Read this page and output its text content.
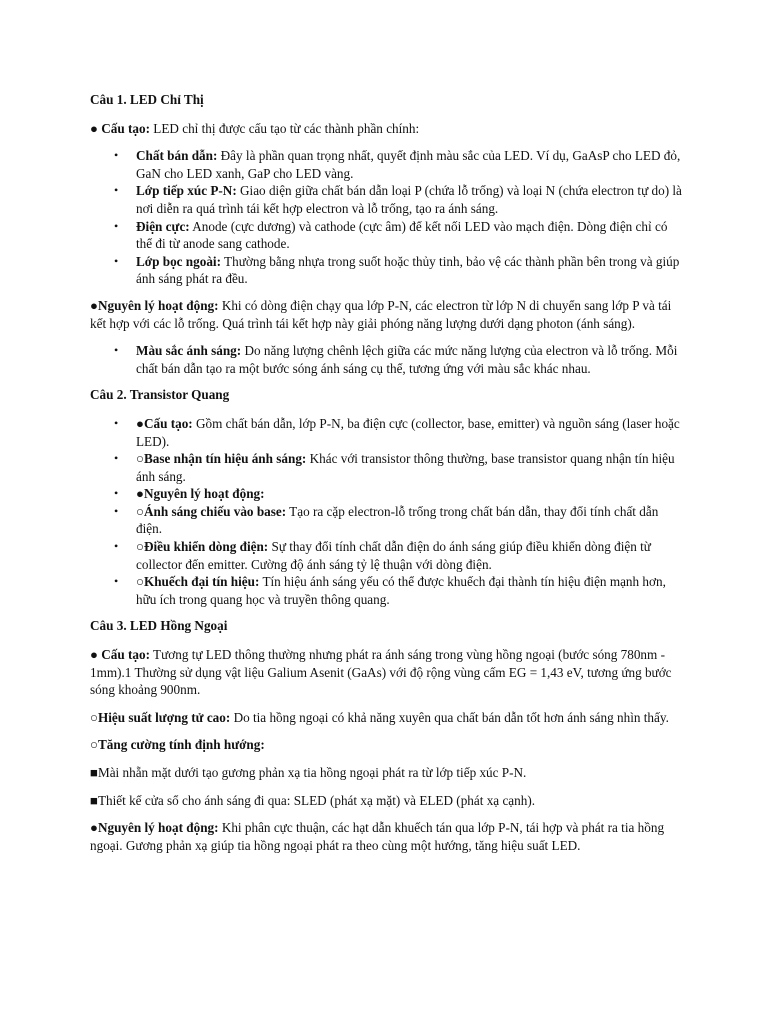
Câu 1. LED Chỉ Thị

● Cấu tạo: LED chỉ thị được cấu tạo từ các thành phần chính:

• Chất bán dẫn: Đây là phần quan trọng nhất, quyết định màu sắc của LED. Ví dụ, GaAsP cho LED đỏ, GaN cho LED xanh, GaP cho LED vàng.
• Lớp tiếp xúc P-N: Giao diện giữa chất bán dẫn loại P (chứa lỗ trống) và loại N (chứa electron tự do) là nơi diễn ra quá trình tái kết hợp electron và lỗ trống, tạo ra ánh sáng.
• Điện cực: Anode (cực dương) và cathode (cực âm) để kết nối LED vào mạch điện. Dòng điện chỉ có thể đi từ anode sang cathode.
• Lớp bọc ngoài: Thường bằng nhựa trong suốt hoặc thủy tinh, bảo vệ các thành phần bên trong và giúp ánh sáng phát ra đều.

●Nguyên lý hoạt động: Khi có dòng điện chạy qua lớp P-N, các electron từ lớp N di chuyển sang lớp P và tái kết hợp với các lỗ trống. Quá trình tái kết hợp này giải phóng năng lượng dưới dạng photon (ánh sáng).

• Màu sắc ánh sáng: Do năng lượng chênh lệch giữa các mức năng lượng của electron và lỗ trống. Mỗi chất bán dẫn tạo ra một bước sóng ánh sáng cụ thể, tương ứng với màu sắc khác nhau.

Câu 2. Transistor Quang

• ●Cấu tạo: Gồm chất bán dẫn, lớp P-N, ba điện cực (collector, base, emitter) và nguồn sáng (laser hoặc LED).
• ○Base nhận tín hiệu ánh sáng: Khác với transistor thông thường, base transistor quang nhận tín hiệu ánh sáng.
• ●Nguyên lý hoạt động:
• ○Ánh sáng chiếu vào base: Tạo ra cặp electron-lỗ trống trong chất bán dẫn, thay đổi tính chất dẫn điện.
• ○Điều khiển dòng điện: Sự thay đổi tính chất dẫn điện do ánh sáng giúp điều khiển dòng điện từ collector đến emitter. Cường độ ánh sáng tỷ lệ thuận với dòng điện.
• ○Khuếch đại tín hiệu: Tín hiệu ánh sáng yếu có thể được khuếch đại thành tín hiệu điện mạnh hơn, hữu ích trong quang học và truyền thông quang.

Câu 3. LED Hồng Ngoại

● Cấu tạo: Tương tự LED thông thường nhưng phát ra ánh sáng trong vùng hồng ngoại (bước sóng 780nm - 1mm).1 Thường sử dụng vật liệu Galium Asenit (GaAs) với độ rộng vùng cấm EG = 1,43 eV, tương ứng bước sóng khoảng 900nm.

○Hiệu suất lượng tử cao: Do tia hồng ngoại có khả năng xuyên qua chất bán dẫn tốt hơn ánh sáng nhìn thấy.

○Tăng cường tính định hướng:

■Mài nhẵn mặt dưới tạo gương phản xạ tia hồng ngoại phát ra từ lớp tiếp xúc P-N.

■Thiết kế cửa sổ cho ánh sáng đi qua: SLED (phát xạ mặt) và ELED (phát xạ cạnh).

●Nguyên lý hoạt động: Khi phân cực thuận, các hạt dẫn khuếch tán qua lớp P-N, tái hợp và phát ra tia hồng ngoại. Gương phản xạ giúp tia hồng ngoại phát ra theo cùng một hướng, tăng hiệu suất LED.
